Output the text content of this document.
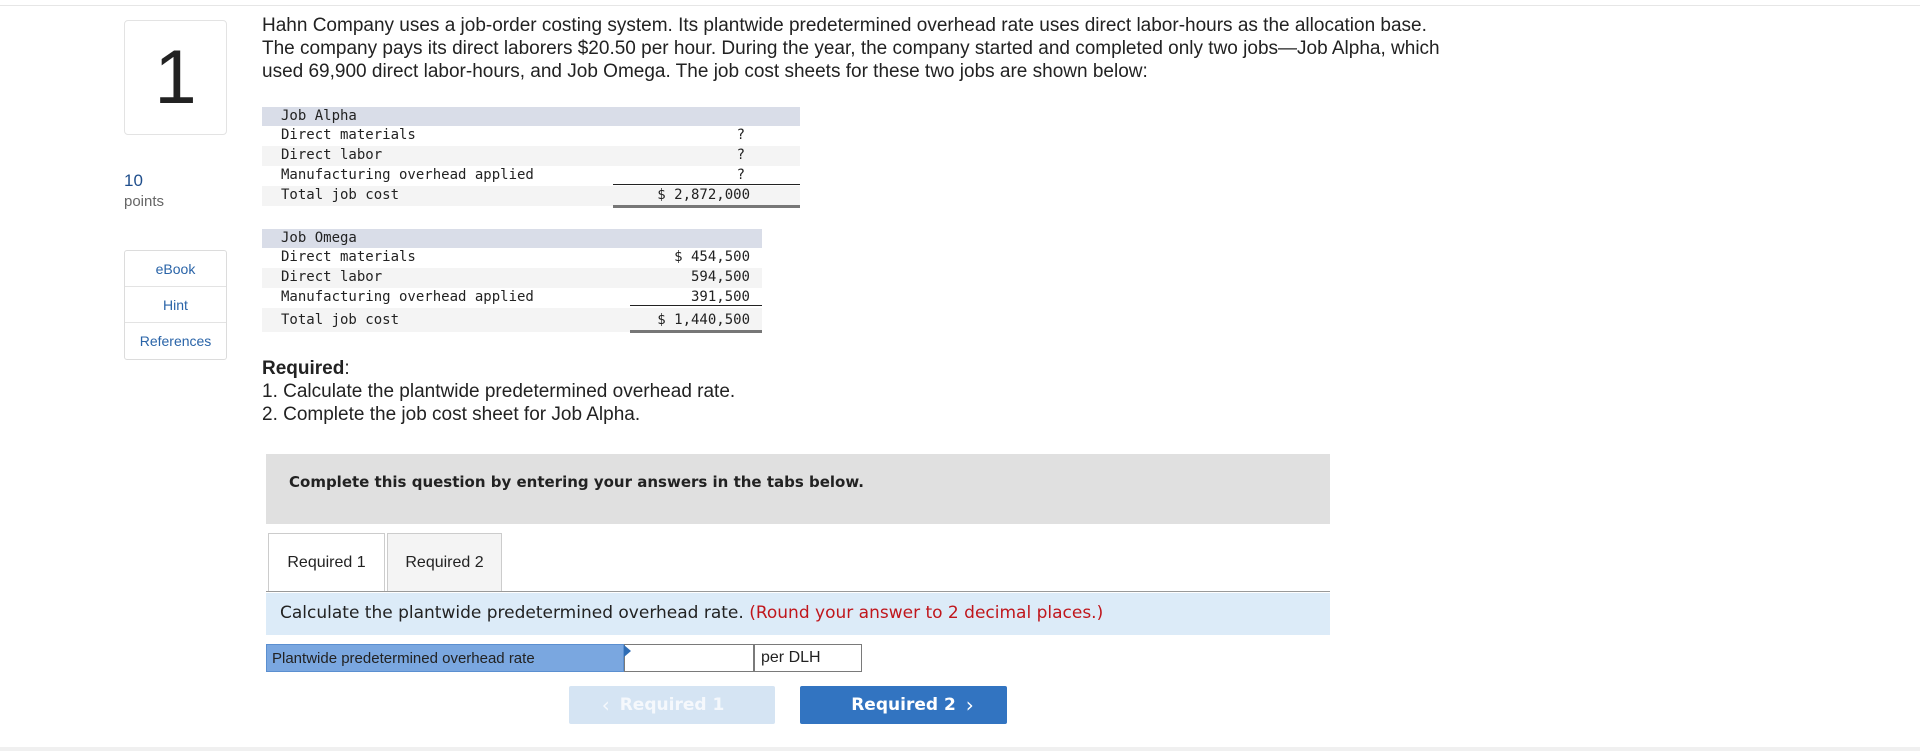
1
10
points
eBook
Hint
References
Hahn Company uses a job-order costing system. Its plantwide predetermined overhead rate uses direct labor-hours as the allocation base. The company pays its direct laborers $20.50 per hour. During the year, the company started and completed only two jobs—Job Alpha, which used 69,900 direct labor-hours, and Job Omega. The job cost sheets for these two jobs are shown below:
Job Alpha
Direct materials	?
Direct labor	?
Manufacturing overhead applied	?
Total job cost	$ 2,872,000
Job Omega
Direct materials	$ 454,500
Direct labor	594,500
Manufacturing overhead applied	391,500
Total job cost	$ 1,440,500
Required:
1. Calculate the plantwide predetermined overhead rate.
2. Complete the job cost sheet for Job Alpha.
Complete this question by entering your answers in the tabs below.
Required 1	Required 2
Calculate the plantwide predetermined overhead rate. (Round your answer to 2 decimal places.)
Plantwide predetermined overhead rate	per DLH
‹ Required 1	Required 2 ›
